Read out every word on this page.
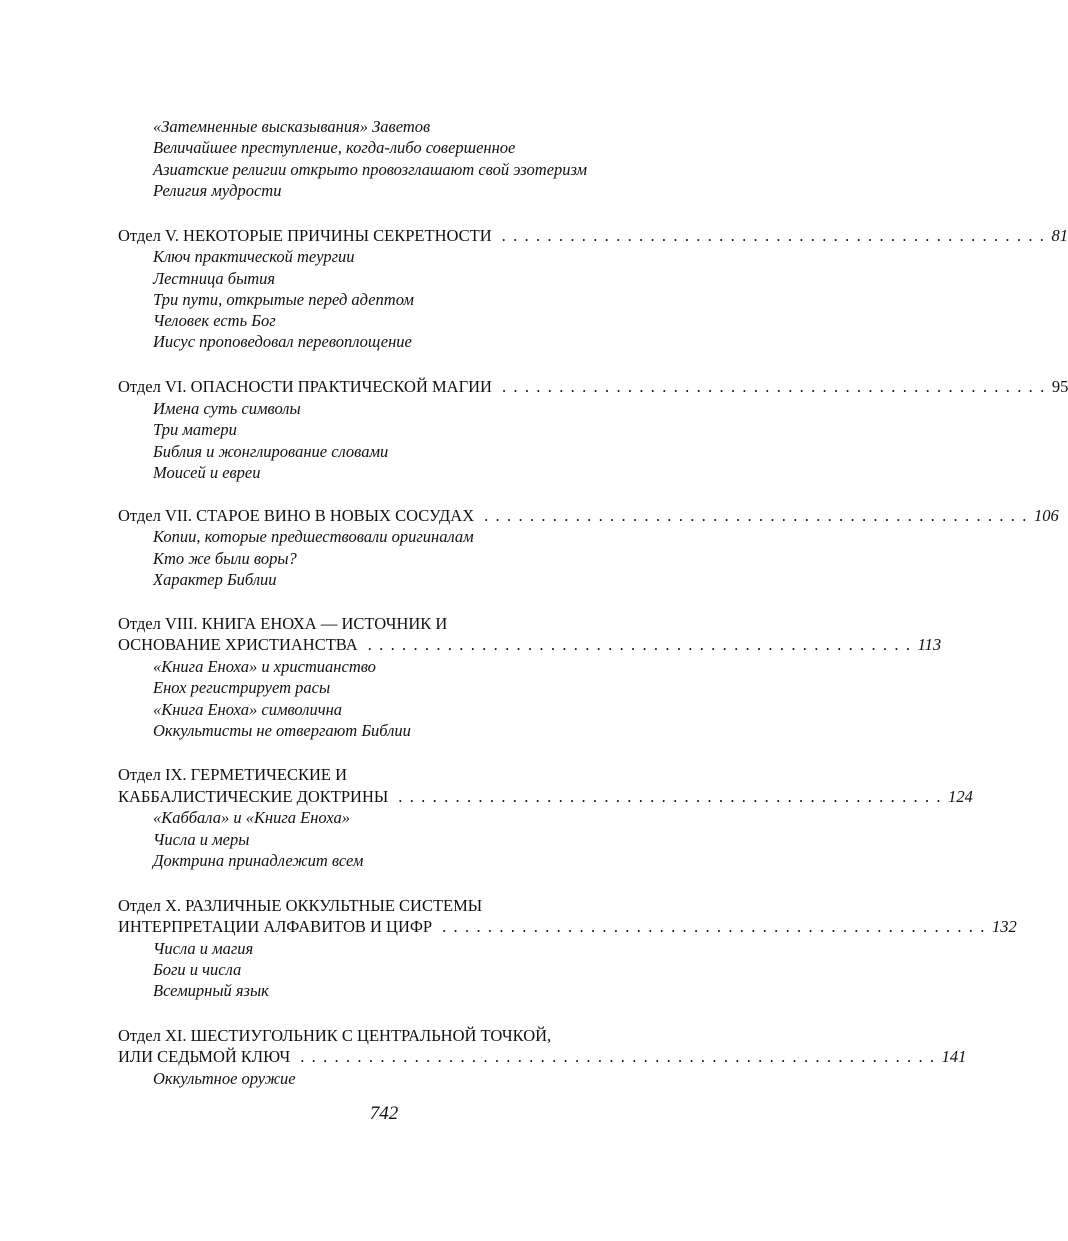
«Затемненные высказывания» Заветов
Величайшее преступление, когда-либо совершенное
Азиатские религии открыто провозглашают свой эзотеризм
Религия мудрости
Отдел V. НЕКОТОРЫЕ ПРИЧИНЫ СЕКРЕТНОСТИ . . . . . . . . . . . . . . . . . . . . . . . . . . . . . . . . . . . . . . . . . . . . . . . . 81
Ключ практической теургии
Лестница бытия
Три пути, открытые перед адептом
Человек есть Бог
Иисус проповедовал перевоплощение
Отдел VI. ОПАСНОСТИ ПРАКТИЧЕСКОЙ МАГИИ . . . . . . . . . . . . . . . . . . . . . . . . . . . . . . . . . . . . . . . . . . . . . . . . 95
Имена суть символы
Три матери
Библия и жонглирование словами
Моисей и евреи
Отдел VII. СТАРОЕ ВИНО В НОВЫХ СОСУДАХ . . . . . . . . . . . . . . . . . . . . . . . . . . . . . . . . . . . . . . . . . . . . . . . . 106
Копии, которые предшествовали оригиналам
Кто же были воры?
Характер Библии
Отдел VIII. КНИГА ЕНОХА — ИСТОЧНИК И
ОСНОВАНИЕ ХРИСТИАНСТВА . . . . . . . . . . . . . . . . . . . . . . . . . . . . . . . . . . . . . . . . . . . . . . . . 113
«Книга Еноха» и христианство
Енох регистрирует расы
«Книга Еноха» символична
Оккультисты не отвергают Библии
Отдел IX. ГЕРМЕТИЧЕСКИЕ И
КАББАЛИСТИЧЕСКИЕ ДОКТРИНЫ . . . . . . . . . . . . . . . . . . . . . . . . . . . . . . . . . . . . . . . . . . . . . . . . 124
«Каббала» и «Книга Еноха»
Числа и меры
Доктрина принадлежит всем
Отдел X. РАЗЛИЧНЫЕ ОККУЛЬТНЫЕ СИСТЕМЫ
ИНТЕРПРЕТАЦИИ АЛФАВИТОВ И ЦИФР . . . . . . . . . . . . . . . . . . . . . . . . . . . . . . . . . . . . . . . . . . . . . . . . 132
Числа и магия
Боги и числа
Всемирный язык
Отдел XI. ШЕСТИУГОЛЬНИК С ЦЕНТРАЛЬНОЙ ТОЧКОЙ,
ИЛИ СЕДЬМОЙ КЛЮЧ . . . . . . . . . . . . . . . . . . . . . . . . . . . . . . . . . . . . . . . . . . . . . . . . . . . . . . . . 141
Оккультное оружие
742
